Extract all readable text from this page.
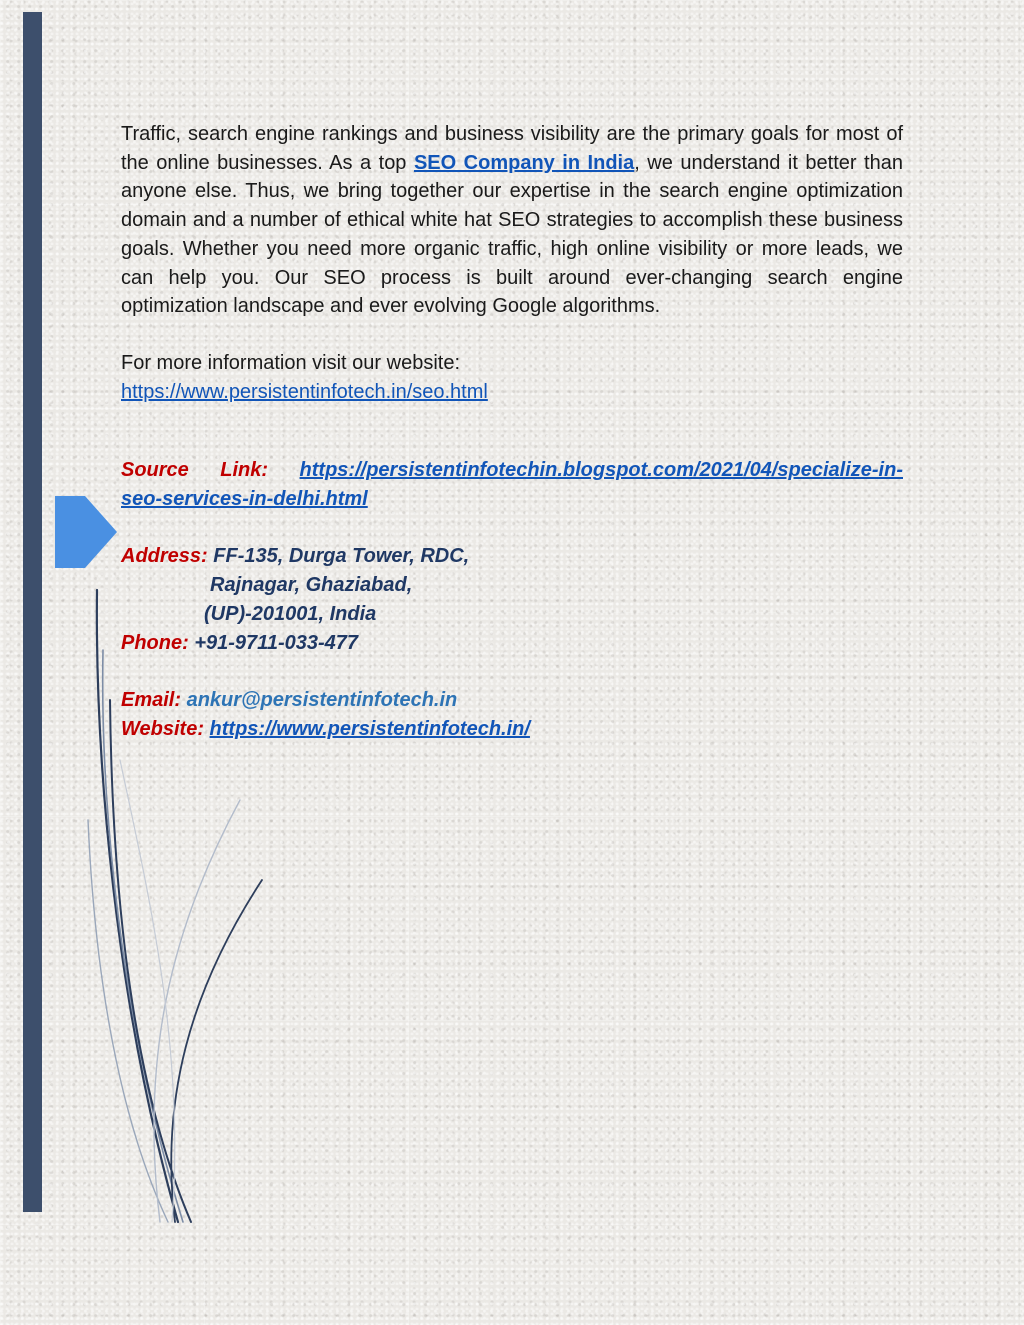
Traffic, search engine rankings and business visibility are the primary goals for most of the online businesses. As a top SEO Company in India, we understand it better than anyone else. Thus, we bring together our expertise in the search engine optimization domain and a number of ethical white hat SEO strategies to accomplish these business goals. Whether you need more organic traffic, high online visibility or more leads, we can help you. Our SEO process is built around ever-changing search engine optimization landscape and ever evolving Google algorithms.

For more information visit our website:
https://www.persistentinfotech.in/seo.html

Source   Link: https://persistentinfotechin.blogspot.com/2021/04/specialize-in-seo-services-in-delhi.html

Address: FF-135, Durga Tower, RDC,
Rajnagar, Ghaziabad,
(UP)-201001, India
Phone: +91-9711-033-477
Email: ankur@persistentinfotech.in
Website: https://www.persistentinfotech.in/
